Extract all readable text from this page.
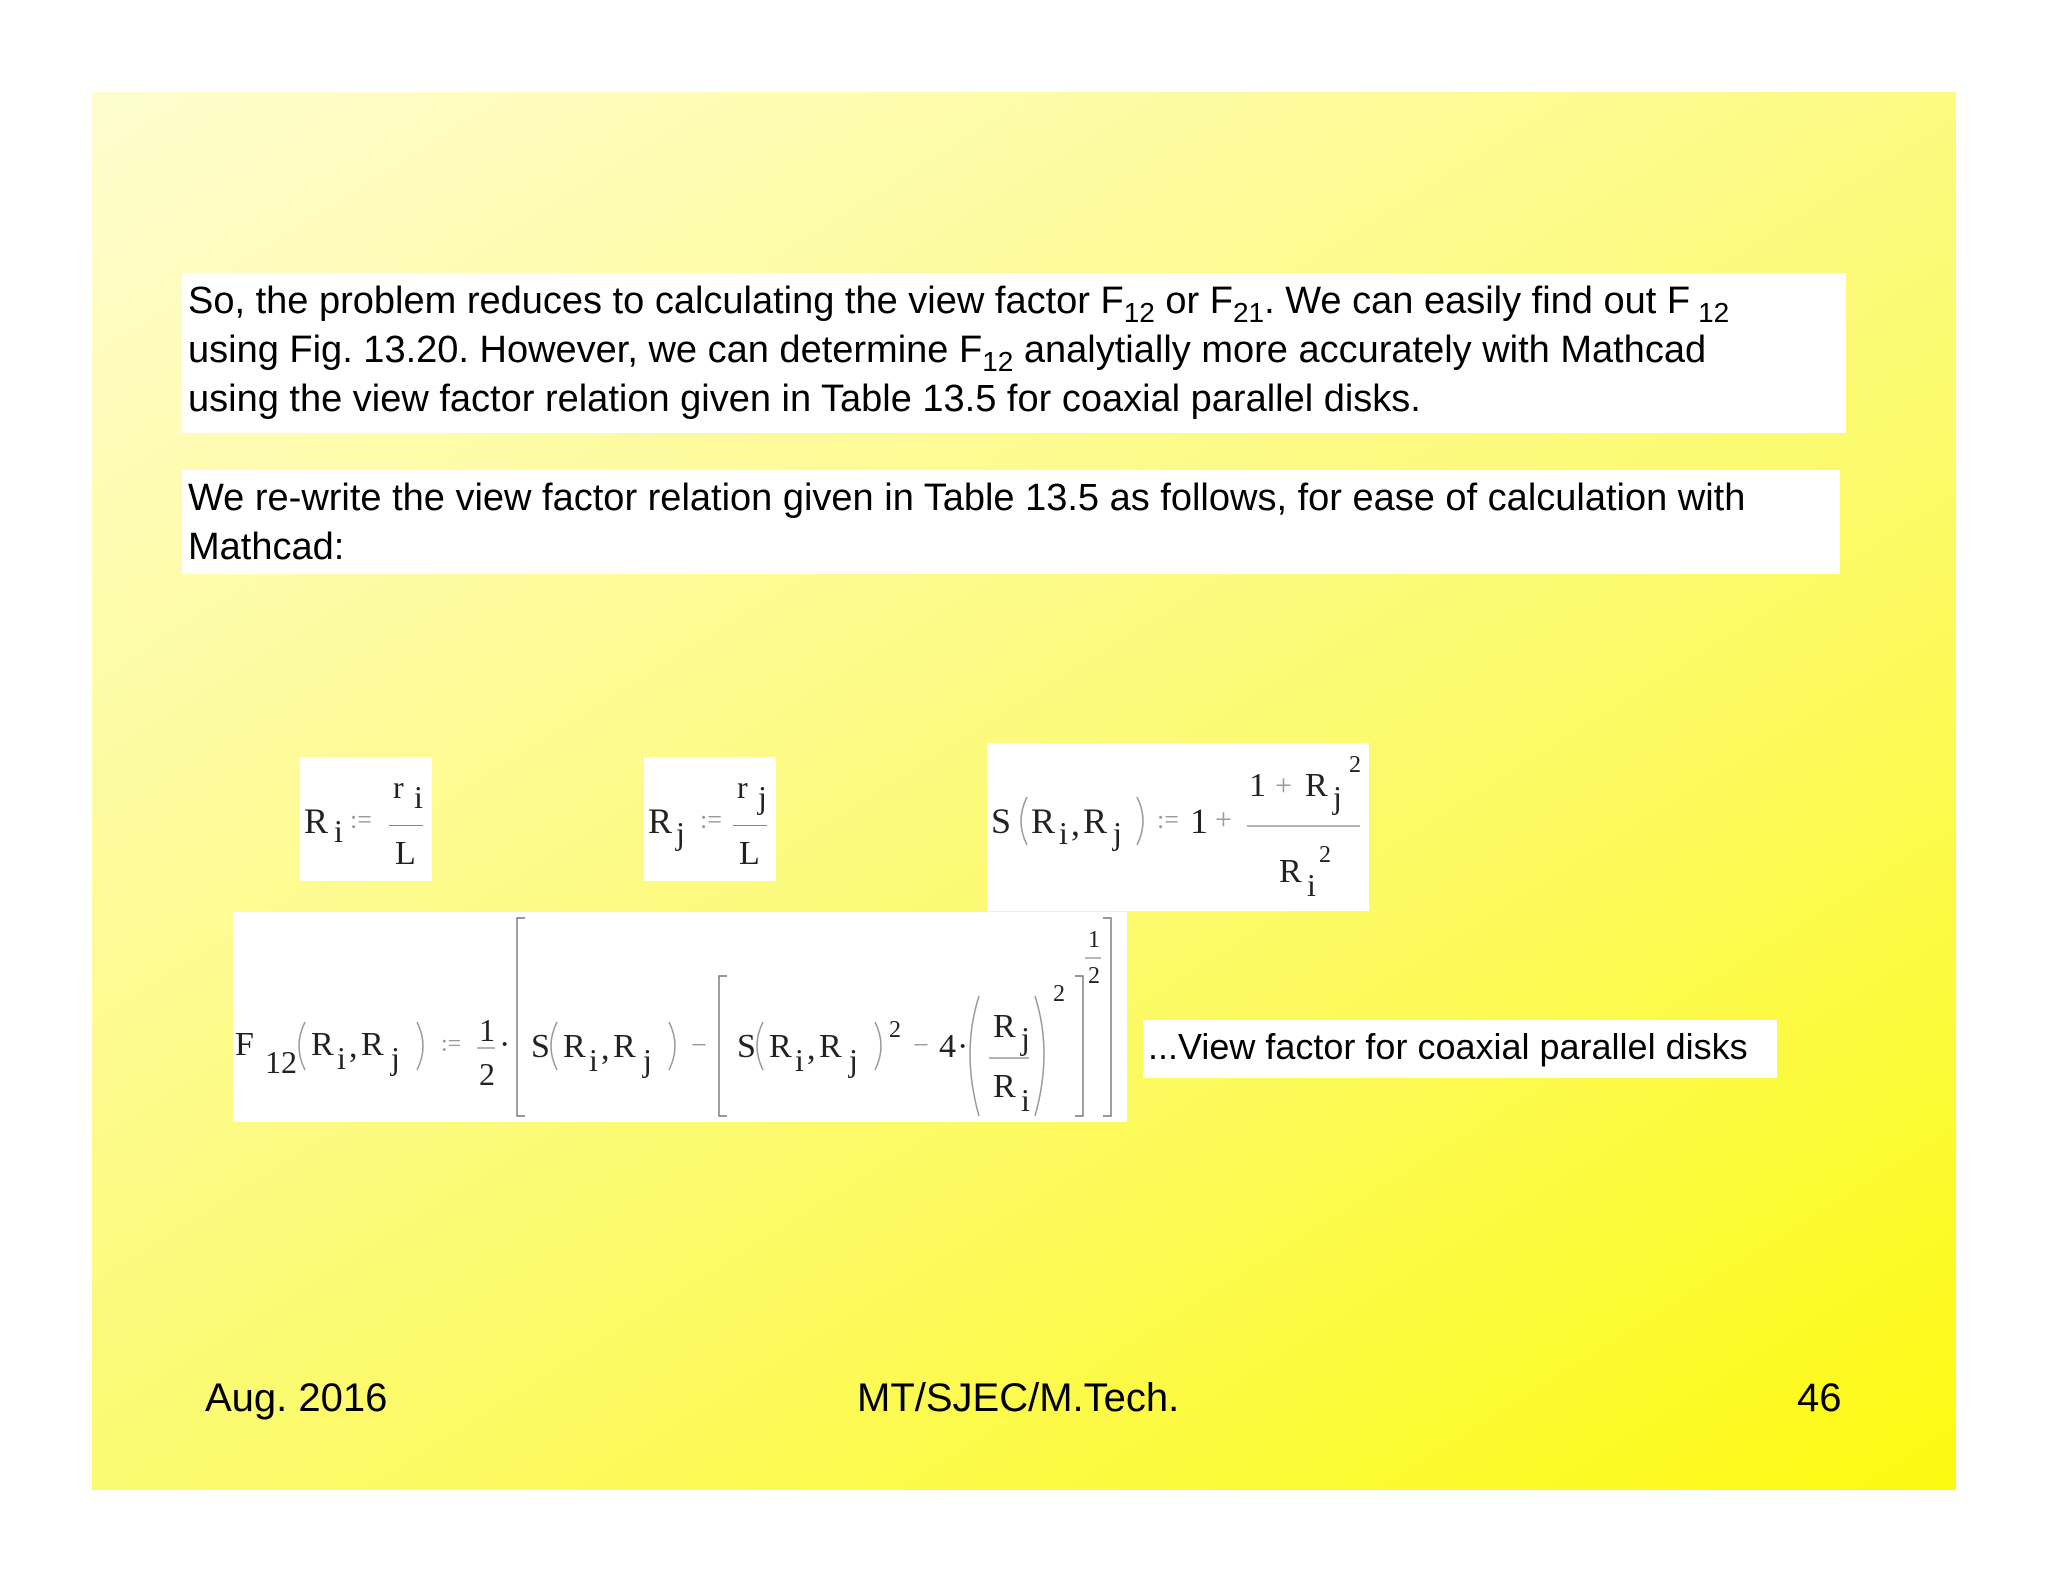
So, the problem reduces to calculating the view factor $F_{12}$ or $F_{21}$. We can easily find out F $_{12}$

using Fig. 13.20. However, we can determine $F_{12}$ analytially more accurately with Mathcad

using the view factor relation given in Table 13.5 for coaxial parallel disks.

We re-write the view factor relation given in Table 13.5 as follows, for ease of calculation with

Mathcad:

R i :=
r i
L
R j :=
r j
L
S R i , R j := 1 +
1 + R j
2
R i
2
F 12 R i , R j := 1
2
· S R i , R j − S R i , R j
2 − 4 ·
R j
R i
2
1
2

...View factor for coaxial parallel disks

Aug. 2016	MT/SJEC/M.Tech.	46
